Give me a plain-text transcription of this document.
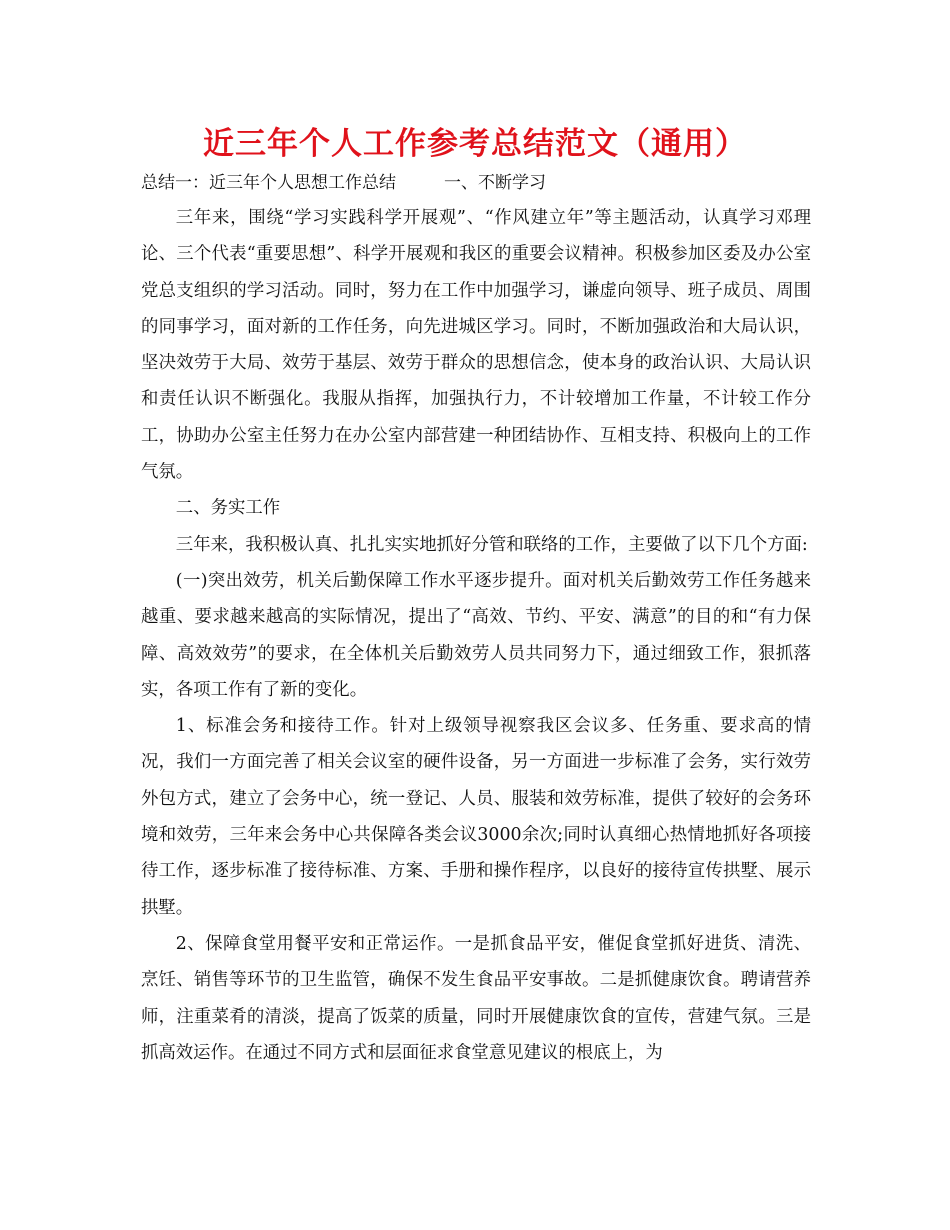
近三年个人工作参考总结范文（通用）
总结一：近三年个人思想工作总结	一、不断学习

三年来，围绕“学习实践科学开展观”、“作风建立年”等主题活动，认真学习邓理论、三个代表“重要思想”、科学开展观和我区的重要会议精神。积极参加区委及办公室党总支组织的学习活动。同时，努力在工作中加强学习，谦虚向领导、班子成员、周围的同事学习，面对新的工作任务，向先进城区学习。同时，不断加强政治和大局认识，坚决效劳于大局、效劳于基层、效劳于群众的思想信念，使本身的政治认识、大局认识和责任认识不断强化。我服从指挥，加强执行力，不计较增加工作量，不计较工作分工，协助办公室主任努力在办公室内部营建一种团结协作、互相支持、积极向上的工作气氛。

二、务实工作

三年来，我积极认真、扎扎实实地抓好分管和联络的工作，主要做了以下几个方面:

(一)突出效劳，机关后勤保障工作水平逐步提升。面对机关后勤效劳工作任务越来越重、要求越来越高的实际情况，提出了“高效、节约、平安、满意”的目的和“有力保障、高效效劳”的要求，在全体机关后勤效劳人员共同努力下，通过细致工作，狠抓落实，各项工作有了新的变化。

1、标准会务和接待工作。针对上级领导视察我区会议多、任务重、要求高的情况，我们一方面完善了相关会议室的硬件设备，另一方面进一步标准了会务，实行效劳外包方式，建立了会务中心，统一登记、人员、服装和效劳标准，提供了较好的会务环境和效劳，三年来会务中心共保障各类会议3000余次;同时认真细心热情地抓好各项接待工作，逐步标准了接待标准、方案、手册和操作程序，以良好的接待宣传拱墅、展示拱墅。

2、保障食堂用餐平安和正常运作。一是抓食品平安，催促食堂抓好进货、清洗、烹饪、销售等环节的卫生监管，确保不发生食品平安事故。二是抓健康饮食。聘请营养师，注重菜肴的清淡，提高了饭菜的质量，同时开展健康饮食的宣传，营建气氛。三是抓高效运作。在通过不同方式和层面征求食堂意见建议的根底上，为
